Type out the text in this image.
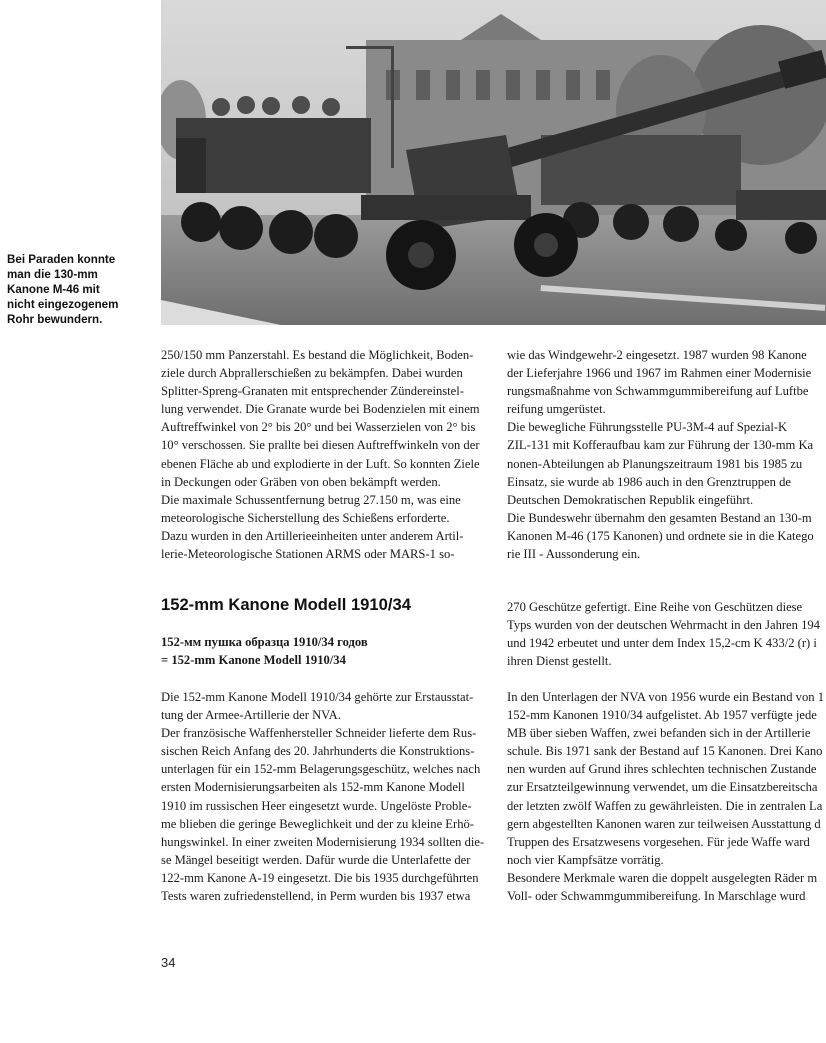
Bei Paraden konnte
man die 130-mm
Kanone M-46 mit
nicht eingezogenem
Rohr bewundern.

250/150 mm Panzerstahl. Es bestand die Möglichkeit, Boden-

ziele durch Abprallerschießen zu bekämpfen. Dabei wurden

Splitter-Spreng-Granaten mit entsprechender Zündereinstel-

lung verwendet. Die Granate wurde bei Bodenzielen mit einem

Auftreffwinkel von 2° bis 20° und bei Wasserzielen von 2° bis

10° verschossen. Sie prallte bei diesen Auftreffwinkeln von der

ebenen Fläche ab und explodierte in der Luft. So konnten Ziele

in Deckungen oder Gräben von oben bekämpft werden.

Die maximale Schussentfernung betrug 27.150 m, was eine

meteorologische Sicherstellung des Schießens erforderte.

Dazu wurden in den Artillerieeinheiten unter anderem Artil-

lerie-Meteorologische Stationen ARMS oder MARS-1 so-

wie das Windgewehr-2 eingesetzt. 1987 wurden 98 Kanone

der Lieferjahre 1966 und 1967 im Rahmen einer Modernisie

rungsmaßnahme von Schwammgummibereifung auf Luftbe

reifung umgerüstet.

Die bewegliche Führungsstelle PU-3M-4 auf Spezial-K

ZIL-131 mit Kofferaufbau kam zur Führung der 130-mm Ka

nonen-Abteilungen ab Planungszeitraum 1981 bis 1985 zu

Einsatz, sie wurde ab 1986 auch in den Grenztruppen de

Deutschen Demokratischen Republik eingeführt.

Die Bundeswehr übernahm den gesamten Bestand an 130-m

Kanonen M-46 (175 Kanonen) und ordnete sie in die Katego

rie III - Aussonderung ein.

152-mm Kanone Modell 1910/34
152-мм пушка образца 1910/34 годов
= 152-mm Kanone Modell 1910/34

270 Geschütze gefertigt. Eine Reihe von Geschützen diese

Typs wurden von der deutschen Wehrmacht in den Jahren 194

und 1942 erbeutet und unter dem Index 15,2-cm K 433/2 (r) i

ihren Dienst gestellt.

Die 152-mm Kanone Modell 1910/34 gehörte zur Erstausstat-

tung der Armee-Artillerie der NVA.

Der französische Waffenhersteller Schneider lieferte dem Rus-

sischen Reich Anfang des 20. Jahrhunderts die Konstruktions-

unterlagen für ein 152-mm Belagerungsgeschütz, welches nach

ersten Modernisierungsarbeiten als 152-mm Kanone Modell

1910 im russischen Heer eingesetzt wurde. Ungelöste Proble-

me blieben die geringe Beweglichkeit und der zu kleine Erhö-

hungswinkel. In einer zweiten Modernisierung 1934 sollten die-

se Mängel beseitigt werden. Dafür wurde die Unterlafette der

122-mm Kanone A-19 eingesetzt. Die bis 1935 durchgeführten

Tests waren zufriedenstellend, in Perm wurden bis 1937 etwa

In den Unterlagen der NVA von 1956 wurde ein Bestand von 1

152-mm Kanonen 1910/34 aufgelistet. Ab 1957 verfügte jede

MB über sieben Waffen, zwei befanden sich in der Artillerie

schule. Bis 1971 sank der Bestand auf 15 Kanonen. Drei Kano

nen wurden auf Grund ihres schlechten technischen Zustande

zur Ersatzteilgewinnung verwendet, um die Einsatzbereitscha

der letzten zwölf Waffen zu gewährleisten. Die in zentralen La

gern abgestellten Kanonen waren zur teilweisen Ausstattung d

Truppen des Ersatzwesens vorgesehen. Für jede Waffe ward

noch vier Kampfsätze vorrätig.

Besondere Merkmale waren die doppelt ausgelegten Räder m

Voll- oder Schwammgummibereifung. In Marschlage wurd

34
